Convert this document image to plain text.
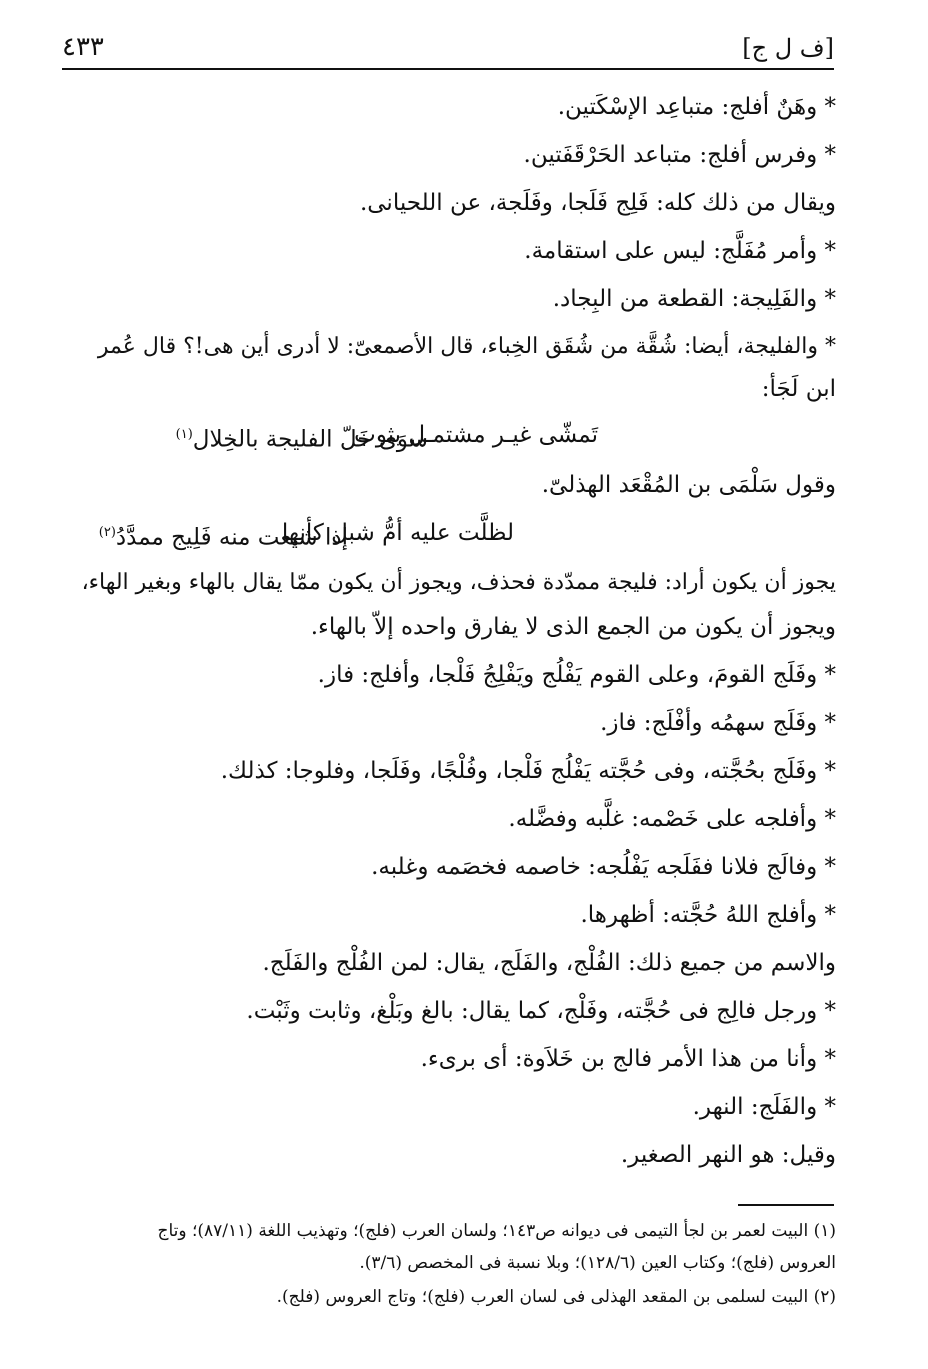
٤٣٣	[ف ل ج]
* وهَنٌ أفلج: متباعِد الإسْكَتين.
* وفرس أفلج: متباعد الحَرْقَفَتين.
ويقال من ذلك كله: فَلِج فَلَجا، وفَلَجة، عن اللحيانى.
* وأمر مُفَلَّج: ليس على استقامة.
* والفَلِيجة: القطعة من البِجاد.
* والفليجة، أيضا: شُقَّة من شُقَق الخِباء، قال الأصمعىّ: لا أدرى أين هى!؟ قال عُمر
ابن لَجَأ:
تَمشّى غيـر مشتمـل بثوب
سوَى خَلّ الفليجة بالخِلال$^{(١)}$
وقول سَلْمَى بن المُقْعَد الهذلىّ.
لظلَّت عليه أمُّ شبل كأنها
إذا شيعت منه فَلِيج ممدَّدُ$^{(٢)}$
يجوز أن يكون أراد: فليجة ممدّدة فحذف، ويجوز أن يكون ممّا يقال بالهاء وبغير الهاء،
ويجوز أن يكون من الجمع الذى لا يفارق واحده إلاّ بالهاء.
* وفَلَج القومَ، وعلى القوم يَفْلُج ويَفْلِجُ فَلْجا، وأفلج: فاز.
* وفَلَج سهمُه وأفْلَج: فاز.
* وفَلَج بحُجَّته، وفى حُجَّته يَفْلُج فَلْجا، وفُلْجًا، وفَلَجا، وفلوجا: كذلك.
* وأفلجه على خَصْمه: غلَّبه وفضَّله.
* وفالَج فلانا ففَلَجه يَفْلُجه: خاصمه فخصَمه وغلبه.
* وأفلج اللهُ حُجَّته: أظهرها.
والاسم من جميع ذلك: الفُلْج، والفَلَج، يقال: لمن الفُلْج والفَلَج.
* ورجل فالِج فى حُجَّته، وفَلْج، كما يقال: بالغ وبَلْغ، وثابت وثَبْت.
* وأنا من هذا الأمر فالج بن خَلاَوة: أى برىء.
* والفَلَج: النهر.
وقيل: هو النهر الصغير.
(١) البيت لعمر بن لجأ التيمى فى ديوانه ص١٤٣؛ ولسان العرب (فلج)؛ وتهذيب اللغة (٨٧/١١)؛ وتاج
العروس (فلج)؛ وكتاب العين (١٢٨/٦)؛ وبلا نسبة فى المخصص (٣/٦).
(٢) البيت لسلمى بن المقعد الهذلى فى لسان العرب (فلج)؛ وتاج العروس (فلج).
